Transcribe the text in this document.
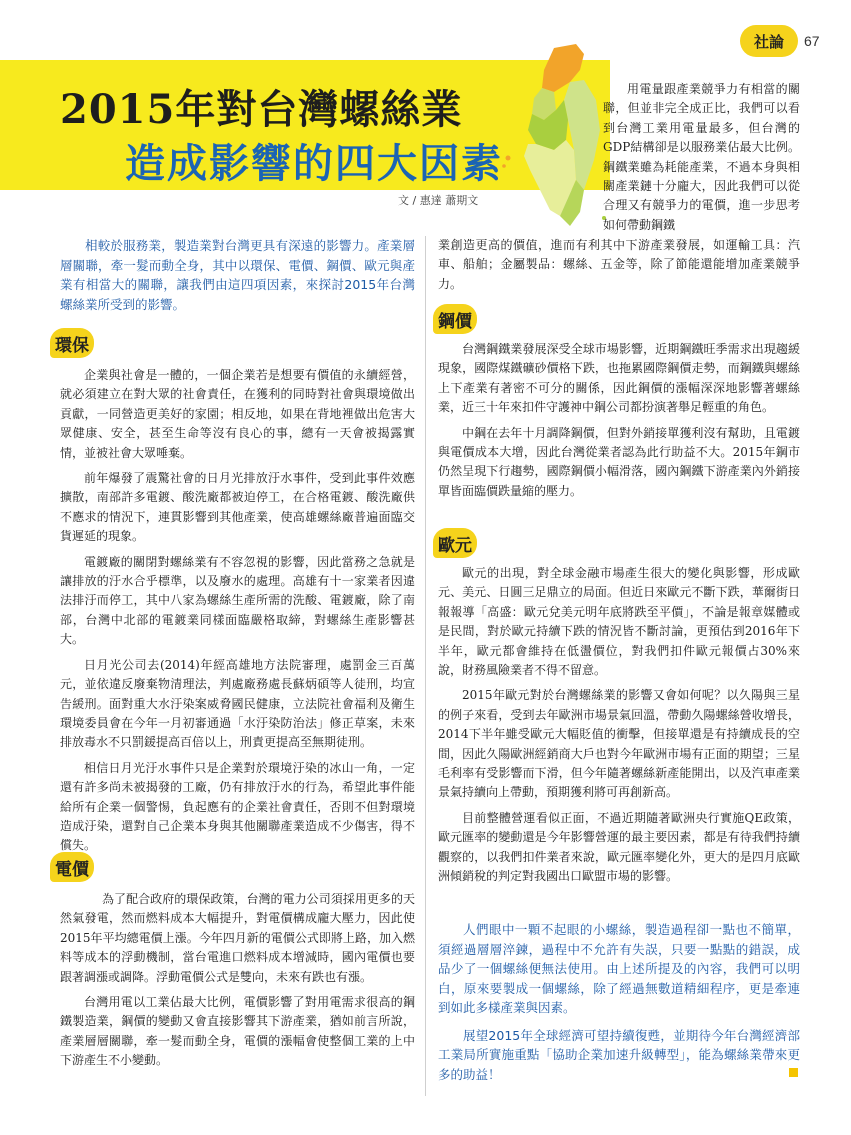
社論	67
2015年對台灣螺絲業
造成影響的四大因素
文 / 惠達 蕭期文

用電量跟產業競爭力有相當的關聯，但並非完全成正比，我們可以看到台灣工業用電量最多，但台灣的GDP結構卻是以服務業佔最大比例。鋼鐵業雖為耗能產業，不過本身與相關產業鏈十分龐大，因此我們可以從合理又有競爭力的電價，進一步思考如何帶動鋼鐵

相較於服務業，製造業對台灣更具有深遠的影響力。產業層層關聯，牽一髮而動全身，其中以環保、電價、鋼價、歐元與產業有相當大的關聯，讓我們由這四項因素，來探討2015年台灣螺絲業所受到的影響。

環保

企業與社會是一體的，一個企業若是想要有價值的永續經營，就必須建立在對大眾的社會責任，在獲利的同時對社會與環境做出貢獻，一同營造更美好的家園；相反地，如果在背地裡做出危害大眾健康、安全，甚至生命等沒有良心的事，總有一天會被揭露實情，並被社會大眾唾棄。

前年爆發了震驚社會的日月光排放汙水事件，受到此事件效應擴散，南部許多電鍍、酸洗廠都被迫停工，在合格電鍍、酸洗廠供不應求的情況下，連貫影響到其他產業，使高雄螺絲廠普遍面臨交貨遲延的現象。

電鍍廠的關閉對螺絲業有不容忽視的影響，因此當務之急就是讓排放的汙水合乎標準，以及廢水的處理。高雄有十一家業者因違法排汙而停工，其中八家為螺絲生產所需的洗酸、電鍍廠，除了南部，台灣中北部的電鍍業同樣面臨嚴格取締，對螺絲生產影響甚大。

日月光公司去(2014)年經高雄地方法院審理，處罰金三百萬元，並依違反廢棄物清理法，判處廠務處長蘇炳碩等人徒刑，均宣告緩刑。面對重大水汙染案威脅國民健康，立法院社會福利及衛生環境委員會在今年一月初審通過「水汙染防治法」修正草案，未來排放毒水不只罰鍰提高百倍以上，刑責更提高至無期徒刑。

相信日月光汙水事件只是企業對於環境汙染的冰山一角，一定還有許多尚未被揭發的工廠，仍有排放汙水的行為，希望此事件能給所有企業一個警惕，負起應有的企業社會責任，否則不但對環境造成汙染，還對自己企業本身與其他關聯產業造成不少傷害，得不償失。

電價

為了配合政府的環保政策，台灣的電力公司須採用更多的天然氣發電，然而燃料成本大幅提升，對電價構成龐大壓力，因此使2015年平均總電價上漲。今年四月新的電價公式即將上路，加入燃料等成本的浮動機制，當台電進口燃料成本增減時，國內電價也要跟著調漲或調降。浮動電價公式是雙向，未來有跌也有漲。

台灣用電以工業佔最大比例，電價影響了對用電需求很高的鋼鐵製造業，鋼價的變動又會直接影響其下游產業，猶如前言所說，產業層層關聯，牽一髮而動全身，電價的漲幅會使整個工業的上中下游產生不小變動。

業創造更高的價值，進而有利其中下游產業發展，如運輸工具：汽車、船舶；金屬製品：螺絲、五金等，除了節能還能增加產業競爭力。

鋼價

台灣鋼鐵業發展深受全球市場影響，近期鋼鐵旺季需求出現趨緩現象，國際煤鐵礦砂價格下跌，也拖累國際鋼價走勢，而鋼鐵與螺絲上下產業有著密不可分的關係，因此鋼價的漲幅深深地影響著螺絲業，近三十年來扣件守護神中鋼公司都扮演著舉足輕重的角色。

中鋼在去年十月調降鋼價，但對外銷接單獲利沒有幫助，且電鍍與電價成本大增，因此台灣從業者認為此行助益不大。2015年鋼市仍然呈現下行趨勢，國際鋼價小幅滑落，國內鋼鐵下游產業內外銷接單皆面臨價跌量縮的壓力。

歐元

歐元的出現，對全球金融市場產生很大的變化與影響，形成歐元、美元、日圓三足鼎立的局面。但近日來歐元不斷下跌，華爾街日報報導「高盛：歐元兌美元明年底將跌至平價」，不論是報章媒體或是民間，對於歐元持續下跌的情況皆不斷討論，更預估到2016年下半年，歐元都會維持在低盪價位，對我們扣件歐元報價占30%來說，財務風險業者不得不留意。

2015年歐元對於台灣螺絲業的影響又會如何呢？以久陽與三星的例子來看，受到去年歐洲市場景氣回溫，帶動久陽螺絲營收增長，2014下半年雖受歐元大幅貶值的衝擊，但接單還是有持續成長的空間，因此久陽歐洲經銷商大戶也對今年歐洲市場有正面的期望；三星毛利率有受影響而下滑，但今年隨著螺絲新產能開出，以及汽車產業景氣持續向上帶動，預期獲利將可再創新高。

目前整體營運看似正面，不過近期隨著歐洲央行實施QE政策，歐元匯率的變動還是今年影響營運的最主要因素，都是有待我們持續觀察的，以我們扣件業者來說，歐元匯率變化外，更大的是四月底歐洲傾銷稅的判定對我國出口歐盟市場的影響。

人們眼中一顆不起眼的小螺絲，製造過程卻一點也不簡單，須經過層層淬鍊，過程中不允許有失誤，只要一點點的錯誤，成品少了一個螺絲便無法使用。由上述所提及的內容，我們可以明白，原來要製成一個螺絲，除了經過無數道精細程序，更是牽連到如此多樣產業與因素。

展望2015年全球經濟可望持續復甦，並期待今年台灣經濟部工業局所實施重點「協助企業加速升級轉型」，能為螺絲業帶來更多的助益！
